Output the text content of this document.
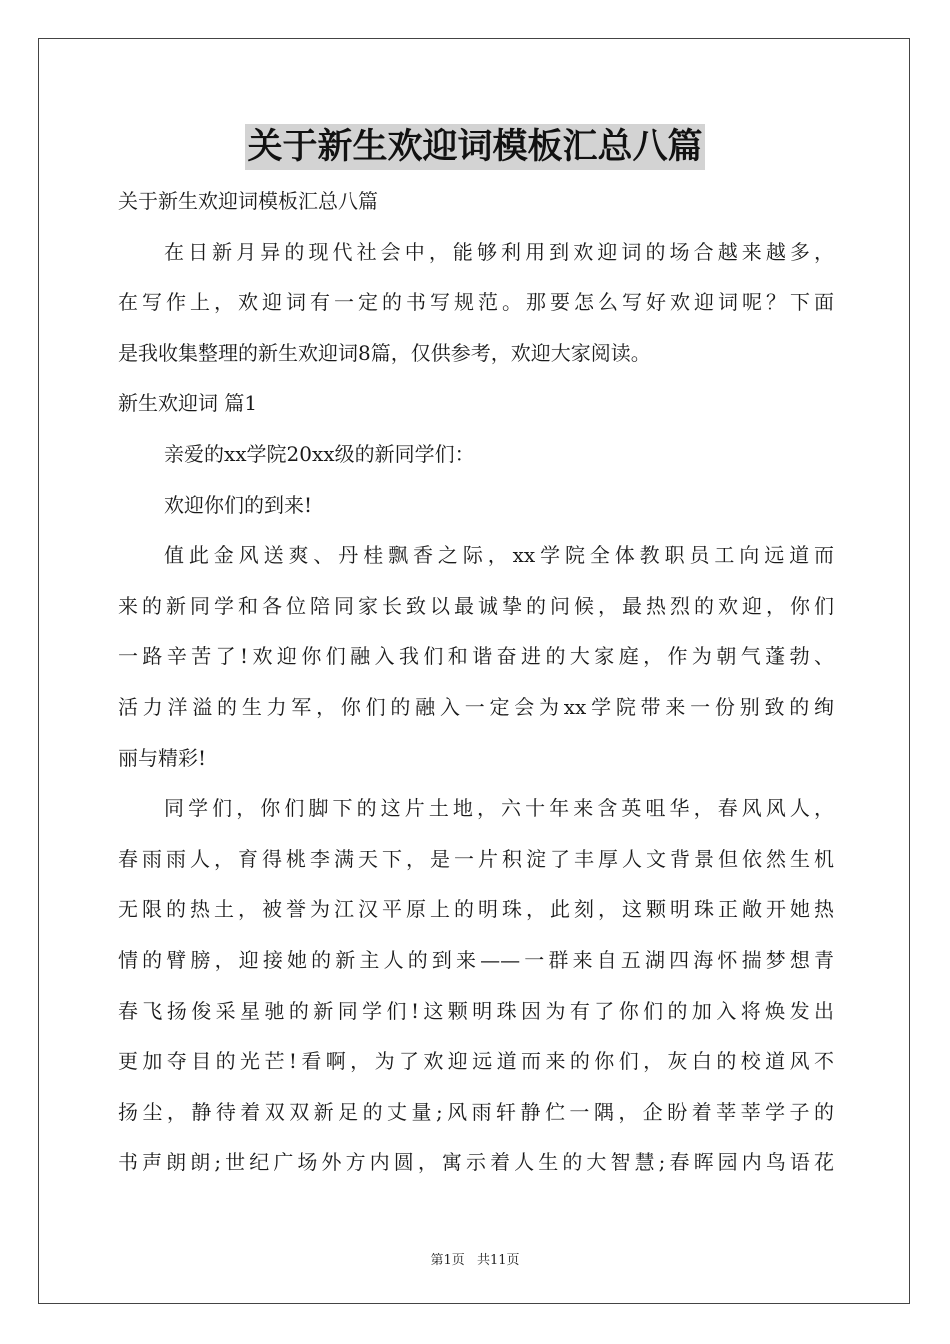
关于新生欢迎词模板汇总八篇
关于新生欢迎词模板汇总八篇
在日新月异的现代社会中，能够利用到欢迎词的场合越来越多，
在写作上，欢迎词有一定的书写规范。那要怎么写好欢迎词呢？下面
是我收集整理的新生欢迎词8篇，仅供参考，欢迎大家阅读。
新生欢迎词 篇1
亲爱的xx学院20xx级的新同学们：
欢迎你们的到来!
值此金风送爽、丹桂飘香之际，xx学院全体教职员工向远道而
来的新同学和各位陪同家长致以最诚挚的问候，最热烈的欢迎，你们
一路辛苦了!欢迎你们融入我们和谐奋进的大家庭，作为朝气蓬勃、
活力洋溢的生力军，你们的融入一定会为xx学院带来一份别致的绚
丽与精彩!
同学们，你们脚下的这片土地，六十年来含英咀华，春风风人，
春雨雨人，育得桃李满天下，是一片积淀了丰厚人文背景但依然生机
无限的热土，被誉为江汉平原上的明珠，此刻，这颗明珠正敞开她热
情的臂膀，迎接她的新主人的到来——一群来自五湖四海怀揣梦想青
春飞扬俊采星驰的新同学们!这颗明珠因为有了你们的加入将焕发出
更加夺目的光芒!看啊，为了欢迎远道而来的你们，灰白的校道风不
扬尘，静待着双双新足的丈量;风雨轩静伫一隅，企盼着莘莘学子的
书声朗朗;世纪广场外方内圆，寓示着人生的大智慧;春晖园内鸟语花
第1页 共11页
